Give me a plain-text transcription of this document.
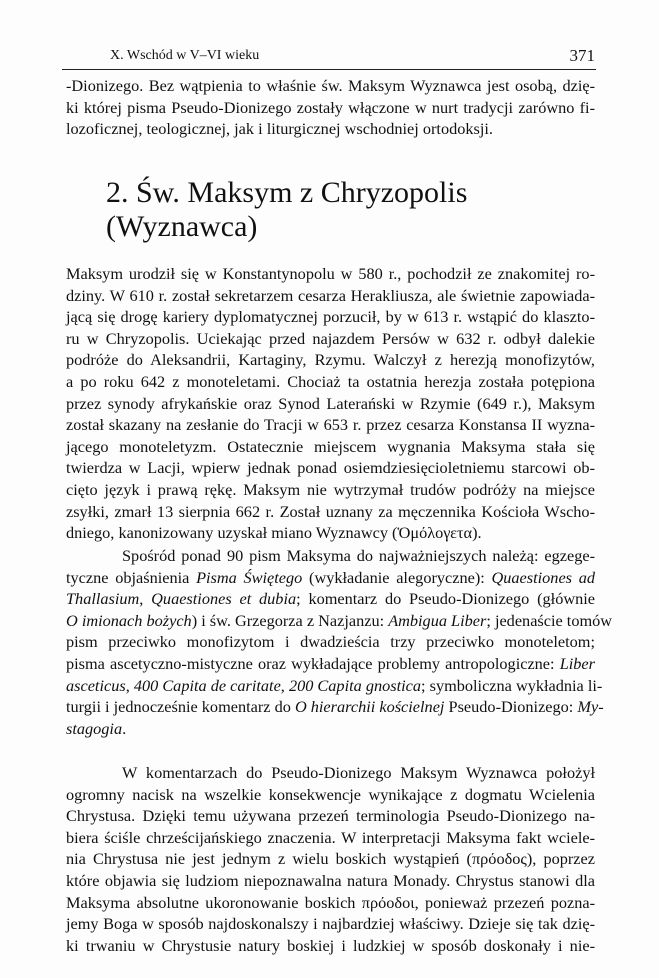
X. Wschód w V–VI wieku	371
-Dionizego. Bez wątpienia to właśnie św. Maksym Wyznawca jest osobą, dzię-
ki której pisma Pseudo-Dionizego zostały włączone w nurt tradycji zarówno fi-
lozoficznej, teologicznej, jak i liturgicznej wschodniej ortodoksji.
2. Św. Maksym z Chryzopolis
(Wyznawca)
Maksym urodził się w Konstantynopolu w 580 r., pochodził ze znakomitej ro-
dziny. W 610 r. został sekretarzem cesarza Herakliusza, ale świetnie zapowiada-
jącą się drogę kariery dyplomatycznej porzucił, by w 613 r. wstąpić do klaszto-
ru w Chryzopolis. Uciekając przed najazdem Persów w 632 r. odbył dalekie
podróże do Aleksandrii, Kartaginy, Rzymu. Walczył z herezją monofizytów,
a po roku 642 z monoteletami. Chociaż ta ostatnia herezja została potępiona
przez synody afrykańskie oraz Synod Laterański w Rzymie (649 r.), Maksym
został skazany na zesłanie do Tracji w 653 r. przez cesarza Konstansa II wyzna-
jącego monoteletyzm. Ostatecznie miejscem wygnania Maksyma stała się
twierdza w Lacji, wpierw jednak ponad osiemdziesięcioletniemu starcowi ob-
cięto język i prawą rękę. Maksym nie wytrzymał trudów podróży na miejsce
zsyłki, zmarł 13 sierpnia 662 r. Został uznany za męczennika Kościoła Wscho-
dniego, kanonizowany uzyskał miano Wyznawcy (Ὁμόλογετα).
Spośród ponad 90 pism Maksyma do najważniejszych należą: egzege-
tyczne objaśnienia Pisma Świętego (wykładanie alegoryczne): Quaestiones ad
Thallasium, Quaestiones et dubia; komentarz do Pseudo-Dionizego (głównie
O imionach bożych) i św. Grzegorza z Nazjanzu: Ambigua Liber; jedenaście tomów
pism przeciwko monofizytom i dwadzieścia trzy przeciwko monoteletom;
pisma ascetyczno-mistyczne oraz wykładające problemy antropologiczne: Liber
asceticus, 400 Capita de caritate, 200 Capita gnostica; symboliczna wykładnia li-
turgii i jednocześnie komentarz do O hierarchii kościelnej Pseudo-Dionizego: My-
stagogia.
W komentarzach do Pseudo-Dionizego Maksym Wyznawca położył
ogromny nacisk na wszelkie konsekwencje wynikające z dogmatu Wcielenia
Chrystusa. Dzięki temu używana przezeń terminologia Pseudo-Dionizego na-
biera ściśle chrześcijańskiego znaczenia. W interpretacji Maksyma fakt wciele-
nia Chrystusa nie jest jednym z wielu boskich wystąpień (πρόοδος), poprzez
które objawia się ludziom niepoznawalna natura Monady. Chrystus stanowi dla
Maksyma absolutne ukoronowanie boskich πρόοδοι, ponieważ przezeń pozna-
jemy Boga w sposób najdoskonalszy i najbardziej właściwy. Dzieje się tak dzię-
ki trwaniu w Chrystusie natury boskiej i ludzkiej w sposób doskonały i nie-
